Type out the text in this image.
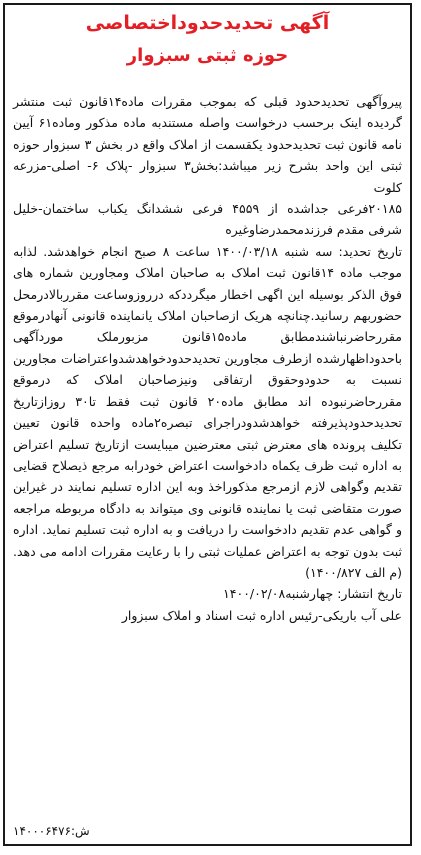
آگهی تحدیدحدوداختصاصی
حوزه ثبتی سبزوار
پیروآگهی تحدیدحدود قبلی که بموجب مقررات ماده۱۴قانون ثبت منتشر گردیده اینک برحسب درخواست واصله مستندبه ماده مذکور وماده۶۱ آیین نامه قانون ثبت تحدیدحدود یکقسمت از املاک واقع در بخش ۳ سبزوار حوزه ثبتی این واحد بشرح زیر میباشد:بخش۳ سبزوار -پلاک ۶- اصلی-مزرعه کلوت
۲۰۱۸۵فرعی جداشده از ۴۵۵۹ فرعی ششدانگ یکباب ساختمان-خلیل شرفی مقدم فرزندمحمدرضاوغیره
تاریخ تحدید: سه شنبه ۱۴۰۰/۰۳/۱۸ ساعت ۸ صبح انجام خواهدشد. لذابه موجب ماده ۱۴قانون ثبت املاک به صاحبان املاک ومجاورین شماره های فوق الذکر بوسیله این اگهی اخطار میگرددکه درروزوساعت مقرربالادرمحل حضوربهم رسانید.چنانچه هریک ازصاحبان املاک یانماینده قانونی آنهادرموقع مقررحاضرنباشندمطابق ماده۱۵قانون مزبورملک موردآگهی باحدوداظهارشده ازطرف مجاورین تحدیدحدودخواهدشدواعتراضات مجاورین نسبت به حدودوحقوق ارتفاقی ونیزصاحبان املاک که درموقع مقررحاضرنبوده اند مطابق ماده۲۰ قانون ثبت فقط تا۳۰ روزازتاریخ تحدیدحدودپذیرفته خواهدشدودراجرای تبصره۲ماده واحده قانون تعیین تکلیف پرونده های معترض ثبتی معترضین میبایست ازتاریخ تسلیم اعتراض به اداره ثبت ظرف یکماه دادخواست اعتراض خودرابه مرجع ذیصلاح قضایی تقدیم وگواهی لازم ازمرجع مذکوراخذ وبه این اداره تسلیم نمایند در غیراین صورت متقاضی ثبت یا نماینده قانونی وی میتواند به دادگاه مربوطه مراجعه و گواهی عدم تقدیم دادخواست را دریافت و به اداره ثبت تسلیم نماید. اداره ثبت بدون توجه به اعتراض عملیات ثبتی را با رعایت مقررات ادامه می دهد. (م الف ۱۴۰۰/۸۲۷)
تاریخ انتشار: چهارشنبه۱۴۰۰/۰۲/۰۸
علی آب باریکی-رئیس اداره ثبت اسناد و املاک سبزوار
ش:۱۴۰۰۰۶۴۷۶
